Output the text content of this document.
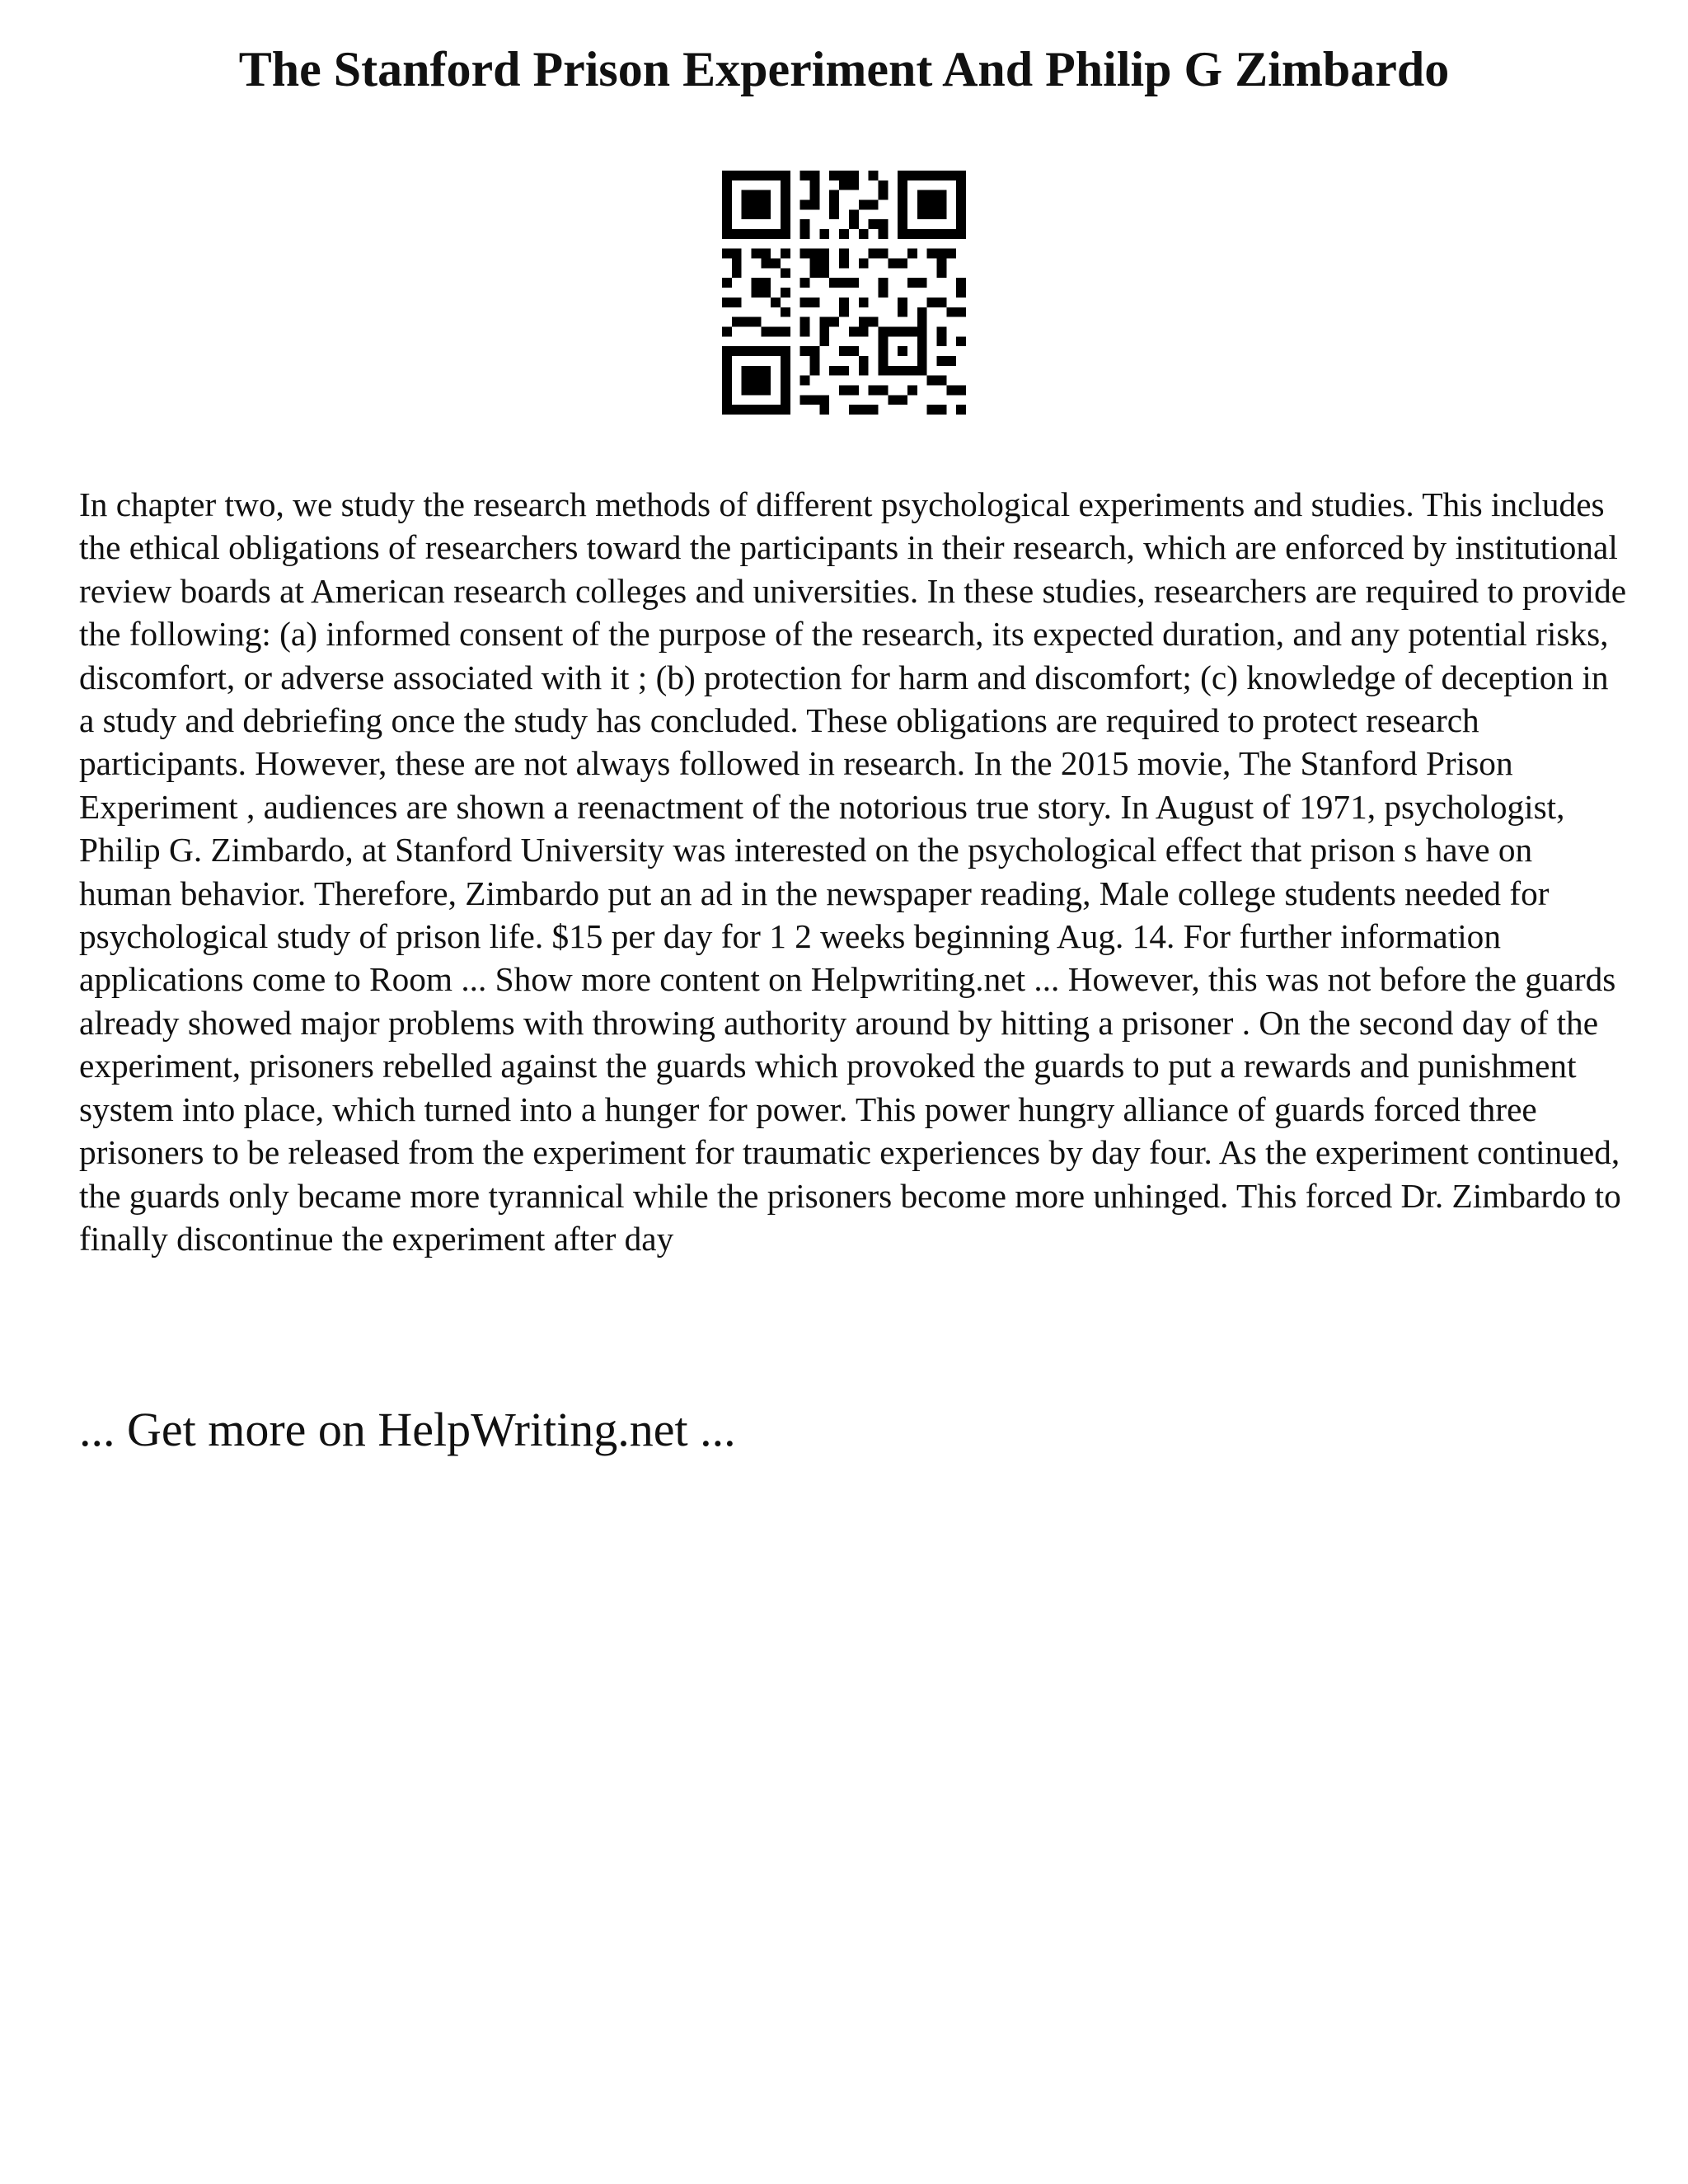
The Stanford Prison Experiment And Philip G Zimbardo

In chapter two, we study the research methods of different psychological experiments and studies. This includes the ethical obligations of researchers toward the participants in their research, which are enforced by institutional review boards at American research colleges and universities. In these studies, researchers are required to provide the following: (a) informed consent of the purpose of the research, its expected duration, and any potential risks, discomfort, or adverse associated with it ; (b) protection for harm and discomfort; (c) knowledge of deception in a study and debriefing once the study has concluded. These obligations are required to protect research participants. However, these are not always followed in research. In the 2015 movie, The Stanford Prison Experiment , audiences are shown a reenactment of the notorious true story. In August of 1971, psychologist, Philip G. Zimbardo, at Stanford University was interested on the psychological effect that prison s have on human behavior. Therefore, Zimbardo put an ad in the newspaper reading, Male college students needed for psychological study of prison life. $15 per day for 1 2 weeks beginning Aug. 14. For further information applications come to Room ... Show more content on Helpwriting.net ... However, this was not before the guards already showed major problems with throwing authority around by hitting a prisoner . On the second day of the experiment, prisoners rebelled against the guards which provoked the guards to put a rewards and punishment system into place, which turned into a hunger for power. This power hungry alliance of guards forced three prisoners to be released from the experiment for traumatic experiences by day four. As the experiment continued, the guards only became more tyrannical while the prisoners become more unhinged. This forced Dr. Zimbardo to finally discontinue the experiment after day

... Get more on HelpWriting.net ...
